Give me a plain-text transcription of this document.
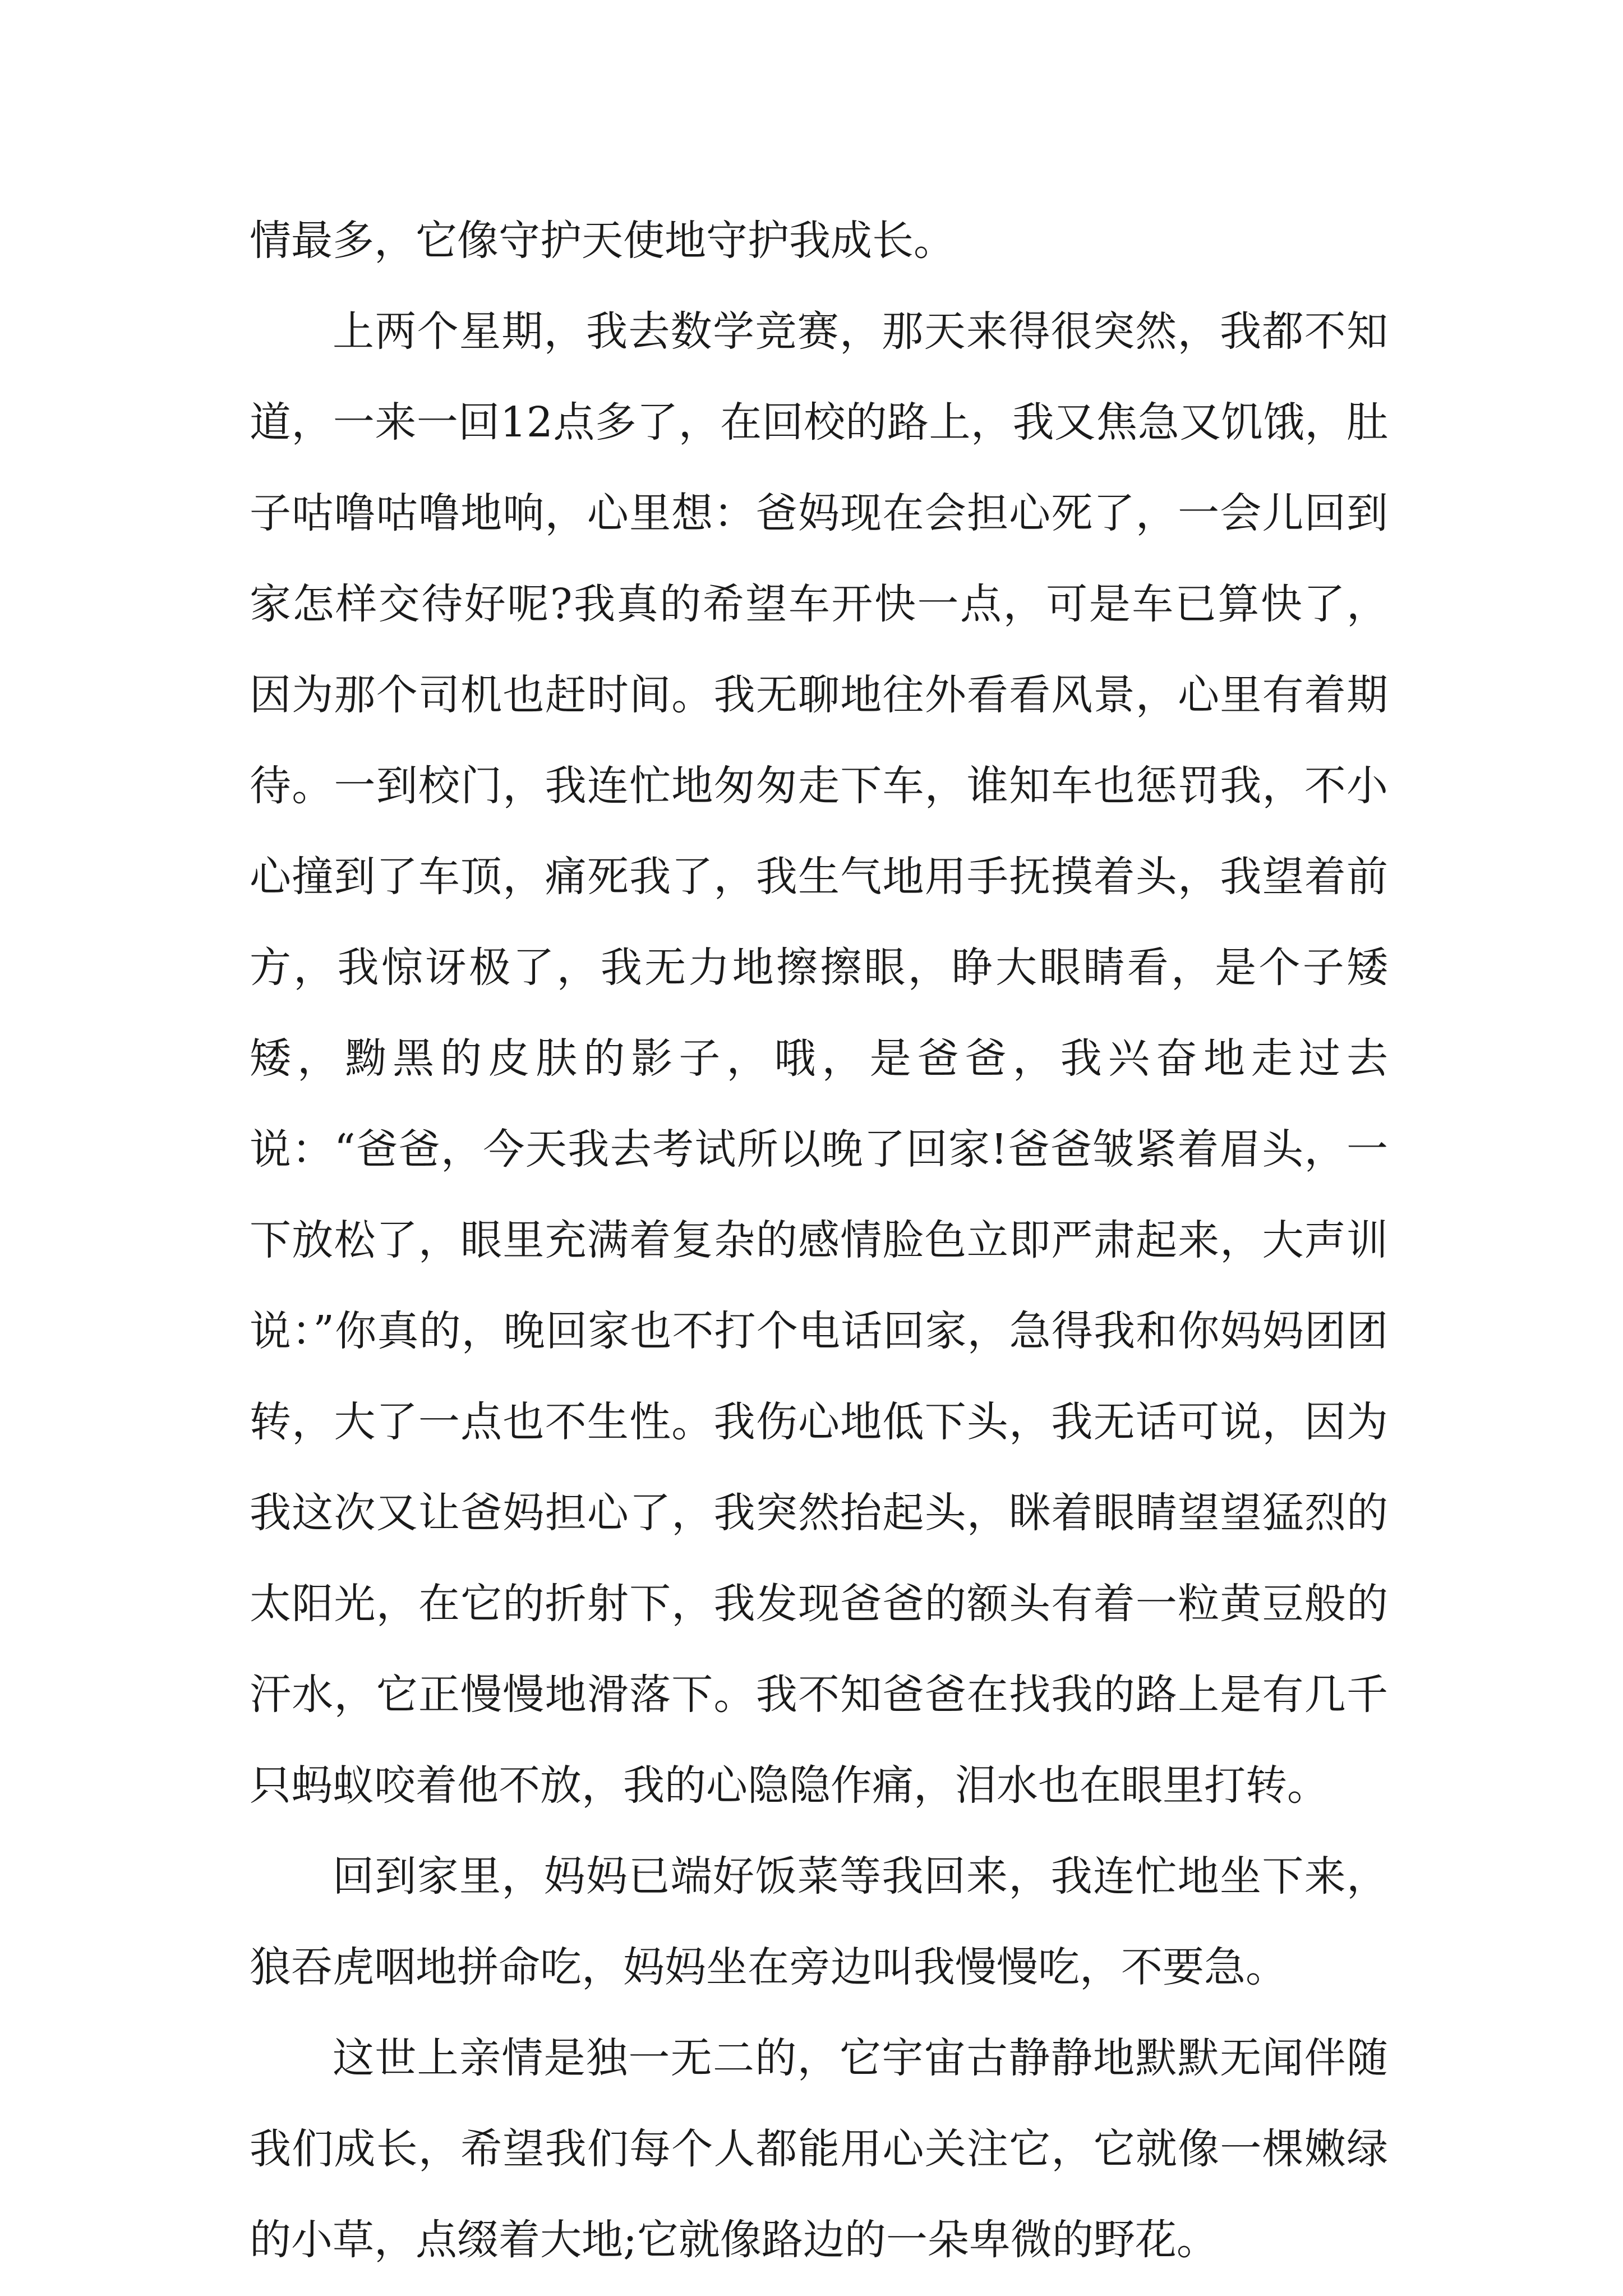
情最多，它像守护天使地守护我成长。

上两个星期，我去数学竞赛，那天来得很突然，我都不知道，一来一回12点多了，在回校的路上，我又焦急又饥饿，肚子咕噜咕噜地响，心里想：爸妈现在会担心死了，一会儿回到家怎样交待好呢?我真的希望车开快一点，可是车已算快了，因为那个司机也赶时间。我无聊地往外看看风景，心里有着期待。一到校门，我连忙地匆匆走下车，谁知车也惩罚我，不小心撞到了车顶，痛死我了，我生气地用手抚摸着头，我望着前方，我惊讶极了，我无力地擦擦眼，睁大眼睛看，是个子矮矮，黝黑的皮肤的影子，哦，是爸爸，我兴奋地走过去说：“爸爸，今天我去考试所以晚了回家!爸爸皱紧着眉头，一下放松了，眼里充满着复杂的感情脸色立即严肃起来，大声训说：”你真的，晚回家也不打个电话回家，急得我和你妈妈团团转，大了一点也不生性。我伤心地低下头，我无话可说，因为我这次又让爸妈担心了，我突然抬起头，眯着眼睛望望猛烈的太阳光，在它的折射下，我发现爸爸的额头有着一粒黄豆般的汗水，它正慢慢地滑落下。我不知爸爸在找我的路上是有几千只蚂蚁咬着他不放，我的心隐隐作痛，泪水也在眼里打转。

回到家里，妈妈已端好饭菜等我回来，我连忙地坐下来，狼吞虎咽地拼命吃，妈妈坐在旁边叫我慢慢吃，不要急。

这世上亲情是独一无二的，它宇宙古静静地默默无闻伴随我们成长，希望我们每个人都能用心关注它，它就像一棵嫩绿的小草，点缀着大地;它就像路边的一朵卑微的野花。
